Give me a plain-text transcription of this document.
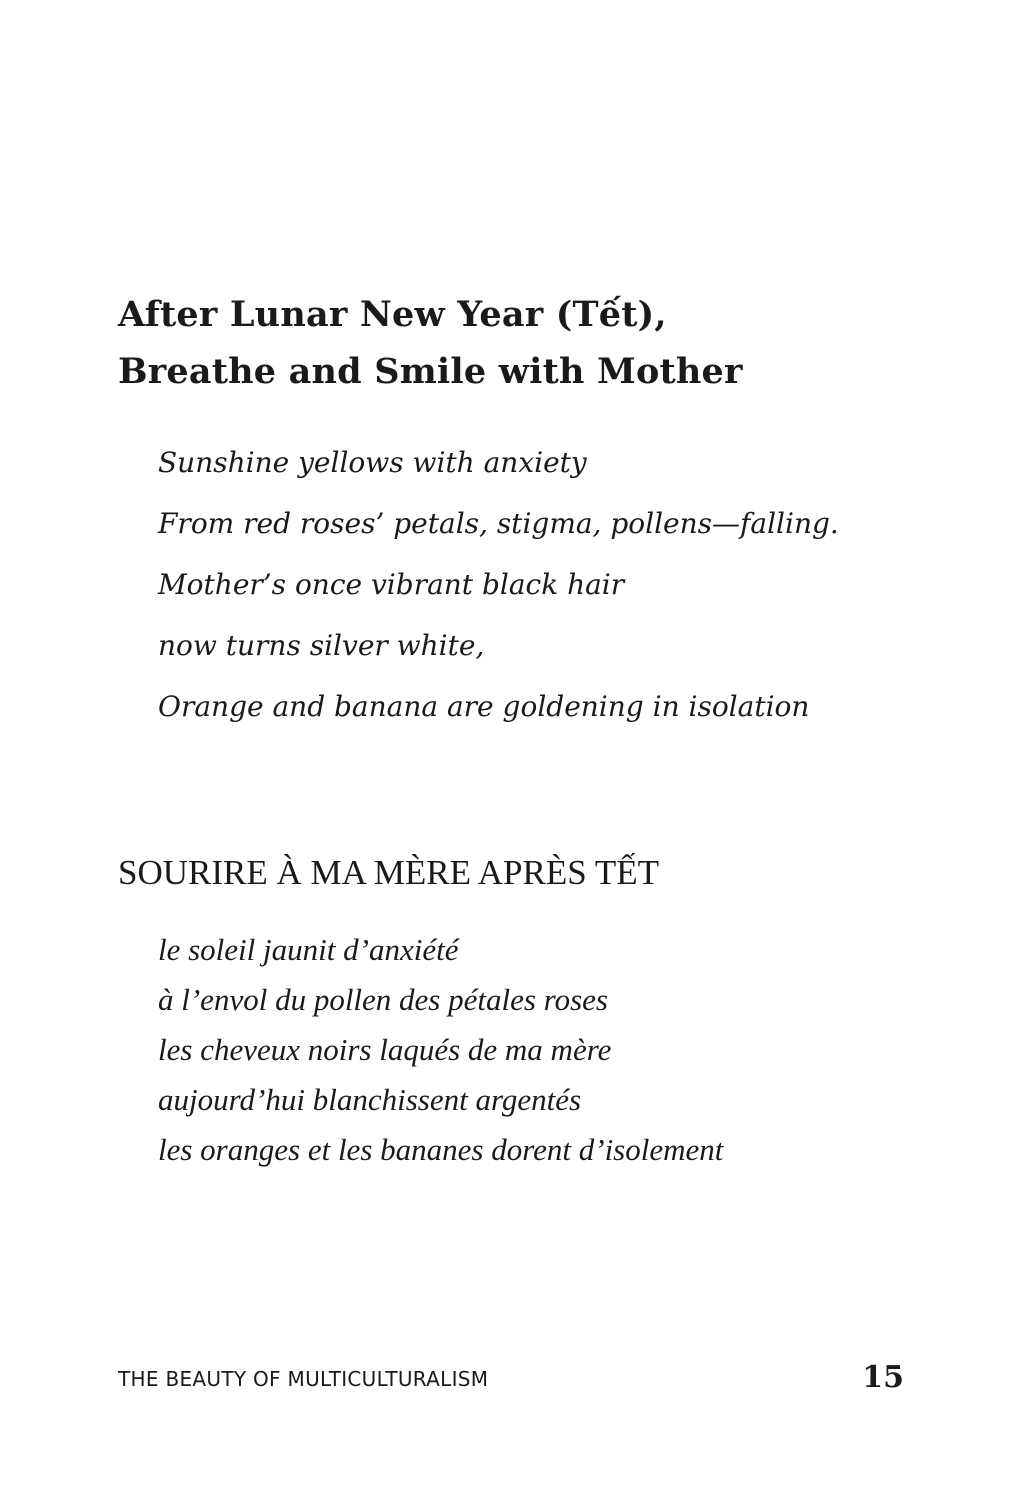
After Lunar New Year (Tết),
Breathe and Smile with Mother
Sunshine yellows with anxiety
From red roses’ petals, stigma, pollens—falling.
Mother’s once vibrant black hair
now turns silver white,
Orange and banana are goldening in isolation
SOURIRE À MA MÈRE APRÈS TẾT
le soleil jaunit d’anxiété
à l’envol du pollen des pétales roses
les cheveux noirs laqués de ma mère
aujourd’hui blanchissent argentés
les oranges et les bananes dorent d’isolement
THE BEAUTY OF MULTICULTURALISM	15
